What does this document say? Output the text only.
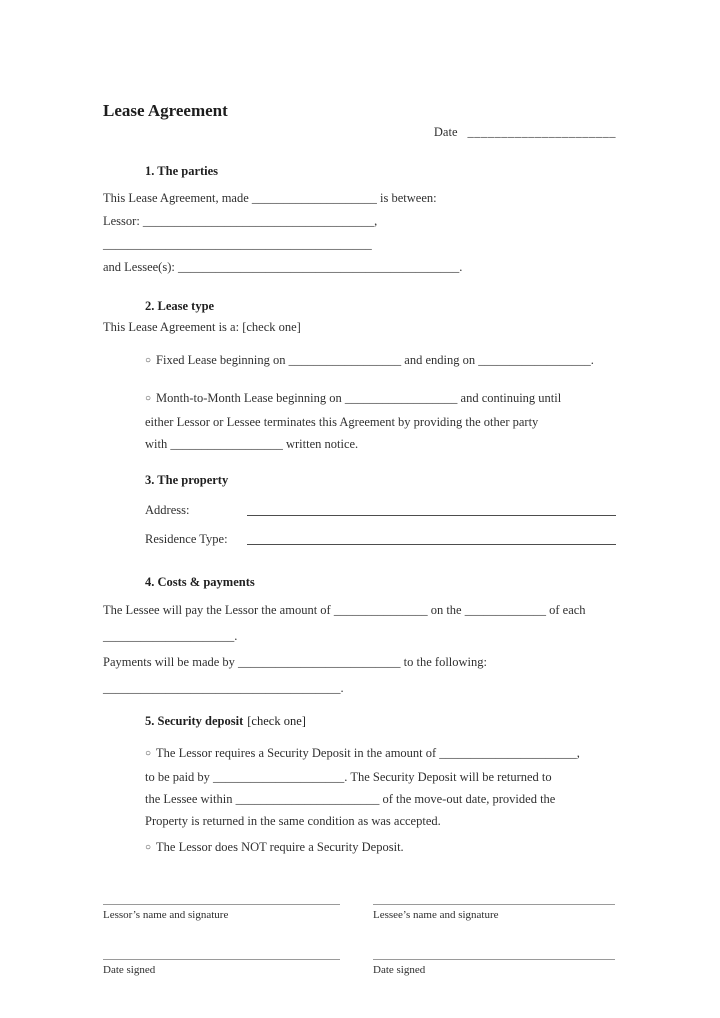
Lease Agreement
Date ______________________
1. The parties
This Lease Agreement, made ____________________ is between:
Lessor: _____________________________________, ___________________________________________
and Lessee(s): _____________________________________________.
2. Lease type
This Lease Agreement is a: [check one]
○ Fixed Lease beginning on __________________ and ending on __________________.
○ Month-to-Month Lease beginning on __________________ and continuing until
either Lessor or Lessee terminates this Agreement by providing the other party
with __________________ written notice.
3. The property
Address:
Residence Type:
4. Costs & payments
The Lessee will pay the Lessor the amount of _______________ on the _____________ of each
_____________________.
Payments will be made by __________________________ to the following:
______________________________________.
5. Security deposit [check one]
○ The Lessor requires a Security Deposit in the amount of ______________________,
to be paid by _____________________. The Security Deposit will be returned to
the Lessee within _______________________ of the move-out date, provided the
Property is returned in the same condition as was accepted.
○ The Lessor does NOT require a Security Deposit.
Lessor’s name and signature
Date signed
Lessee’s name and signature
Date signed
